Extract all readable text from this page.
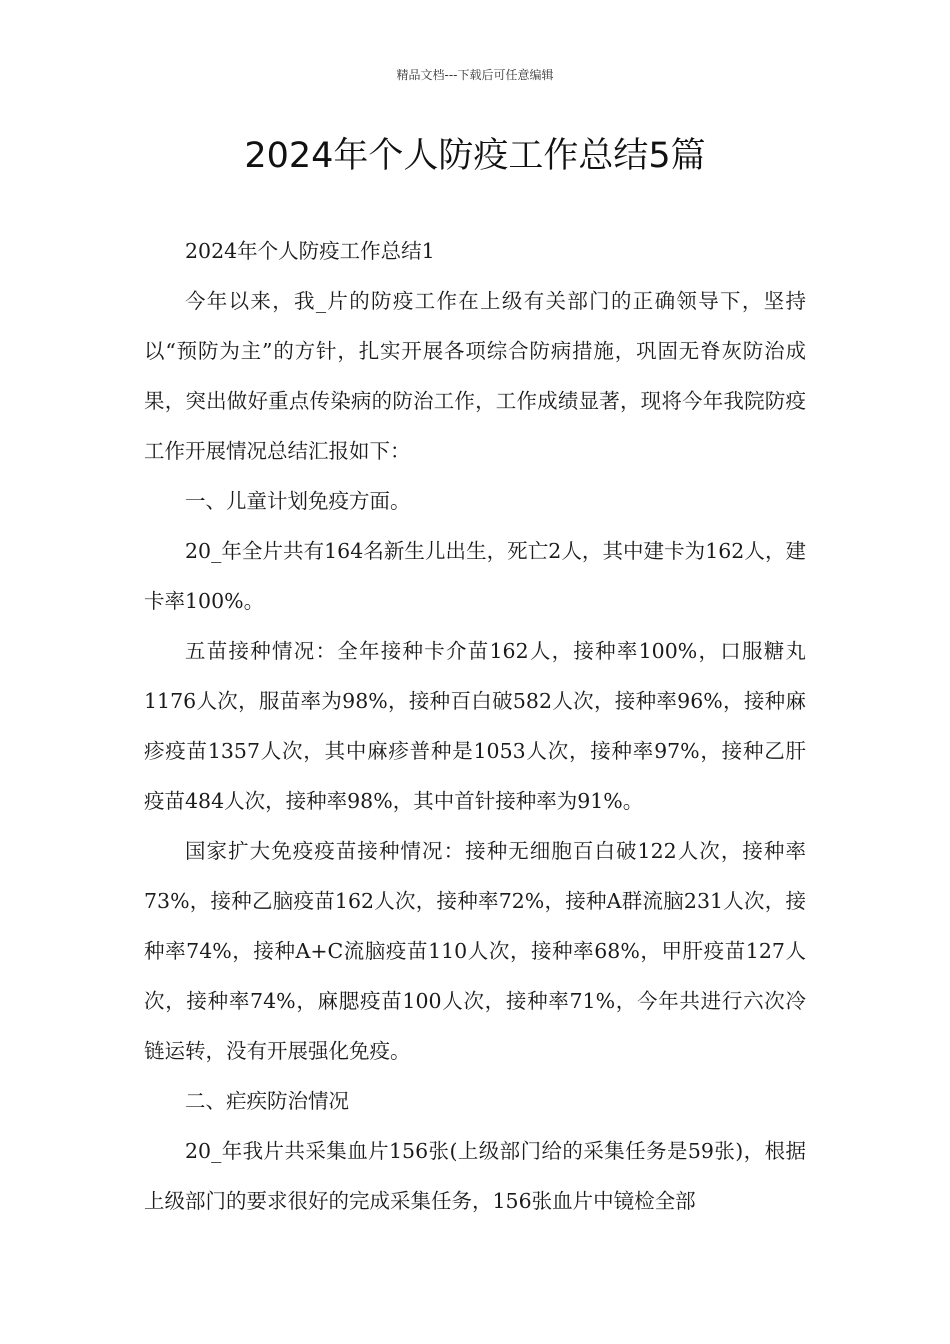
精品文档---下载后可任意编辑
2024年个人防疫工作总结5篇

2024年个人防疫工作总结1

今年以来，我_片的防疫工作在上级有关部门的正确领导下，坚持以“预防为主”的方针，扎实开展各项综合防病措施，巩固无脊灰防治成果，突出做好重点传染病的防治工作，工作成绩显著，现将今年我院防疫工作开展情况总结汇报如下：

一、儿童计划免疫方面。

20_年全片共有164名新生儿出生，死亡2人，其中建卡为162人，建卡率100%。

五苗接种情况：全年接种卡介苗162人，接种率100%，口服糖丸1176人次，服苗率为98%，接种百白破582人次，接种率96%，接种麻疹疫苗1357人次，其中麻疹普种是1053人次，接种率97%，接种乙肝疫苗484人次，接种率98%，其中首针接种率为91%。

国家扩大免疫疫苗接种情况：接种无细胞百白破122人次，接种率73%，接种乙脑疫苗162人次，接种率72%，接种A群流脑231人次，接种率74%，接种A+C流脑疫苗110人次，接种率68%，甲肝疫苗127人次，接种率74%，麻腮疫苗100人次，接种率71%，今年共进行六次冷链运转，没有开展强化免疫。

二、疟疾防治情况

20_年我片共采集血片156张(上级部门给的采集任务是59张)，根据上级部门的要求很好的完成采集任务，156张血片中镜检全部
